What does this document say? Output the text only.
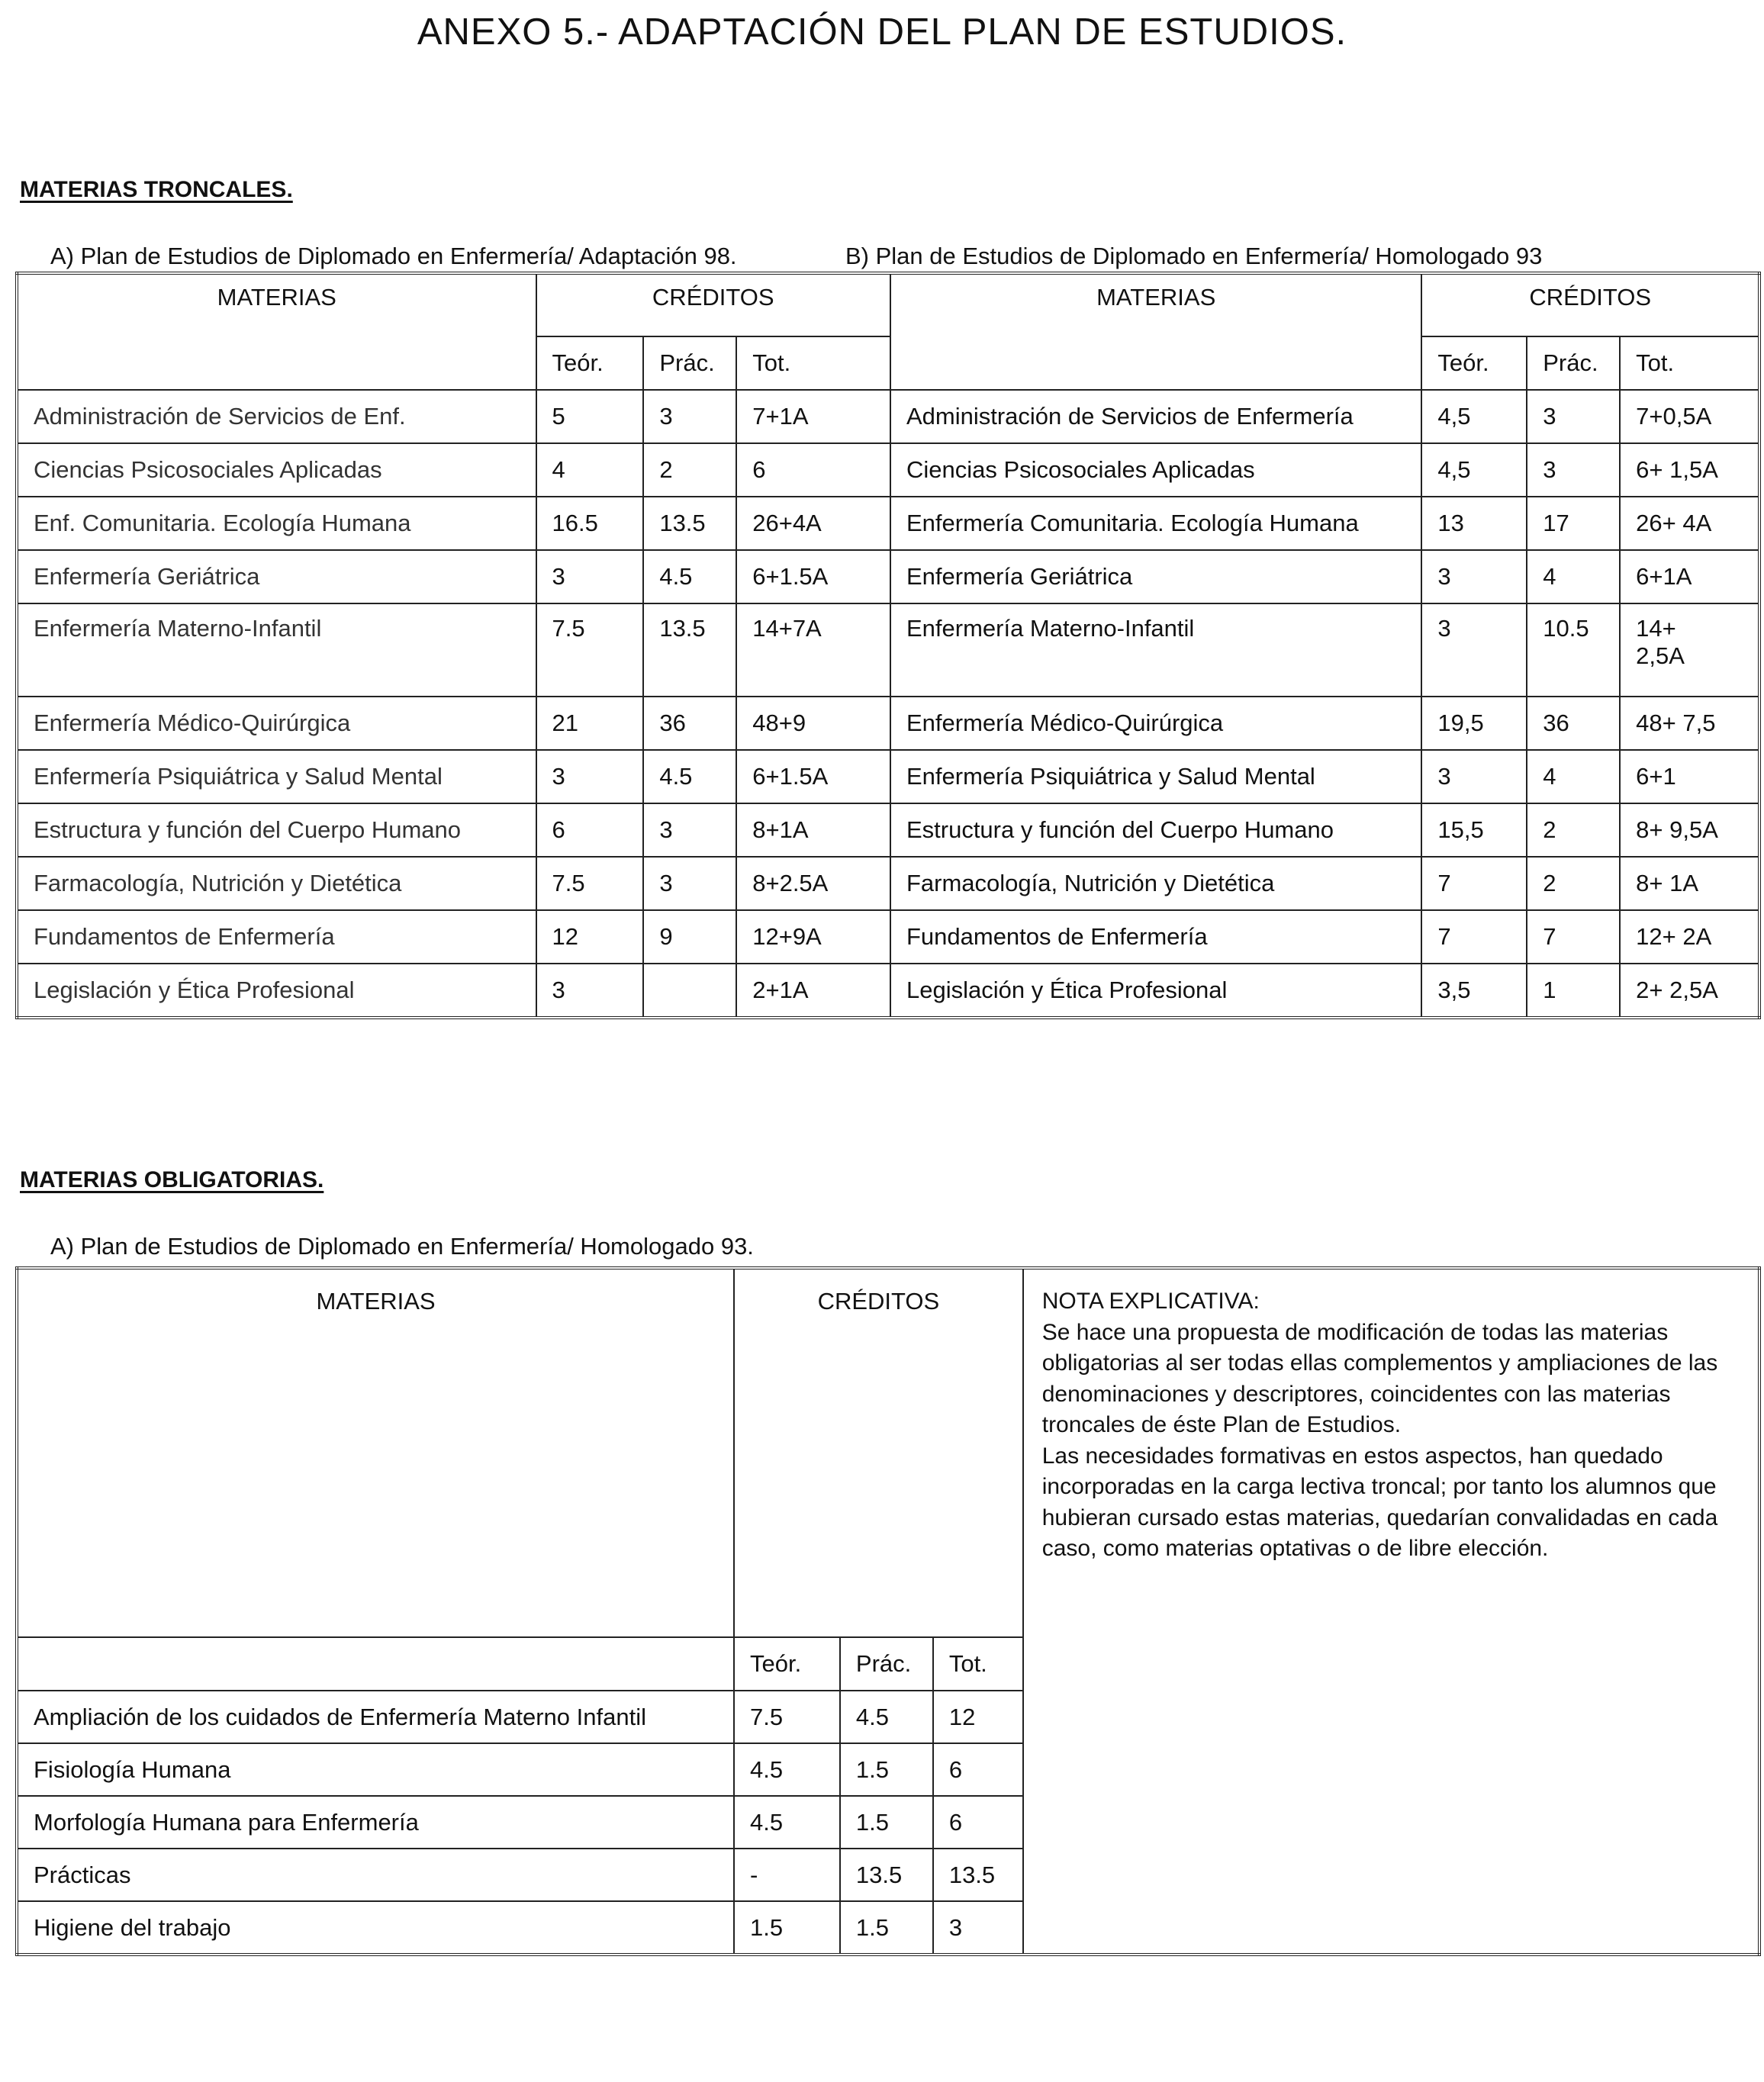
ANEXO 5.- ADAPTACIÓN DEL PLAN DE ESTUDIOS.
MATERIAS TRONCALES.
A) Plan de Estudios de Diplomado en Enfermería/ Adaptación 98.	B) Plan de Estudios de Diplomado en Enfermería/ Homologado 93
MATERIAS	CRÉDITOS			MATERIAS	CRÉDITOS		
	Teór.	Prác.	Tot.		Teór.	Prác.	Tot.
Administración de Servicios de Enf.	5	3	7+1A	Administración de Servicios de Enfermería	4,5	3	7+0,5A
Ciencias Psicosociales Aplicadas	4	2	6	Ciencias Psicosociales Aplicadas	4,5	3	6+ 1,5A
Enf. Comunitaria. Ecología Humana	16.5	13.5	26+4A	Enfermería Comunitaria. Ecología Humana	13	17	26+ 4A
Enfermería Geriátrica	3	4.5	6+1.5A	Enfermería Geriátrica	3	4	6+1A
Enfermería Materno-Infantil	7.5	13.5	14+7A	Enfermería Materno-Infantil	3	10.5	14+
2,5A
Enfermería Médico-Quirúrgica	21	36	48+9	Enfermería Médico-Quirúrgica	19,5	36	48+ 7,5
Enfermería Psiquiátrica y Salud Mental	3	4.5	6+1.5A	Enfermería Psiquiátrica y Salud Mental	3	4	6+1
Estructura y función del Cuerpo Humano	6	3	8+1A	Estructura y función del Cuerpo Humano	15,5	2	8+ 9,5A
Farmacología, Nutrición y Dietética	7.5	3	8+2.5A	Farmacología, Nutrición y Dietética	7	2	8+ 1A
Fundamentos de Enfermería	12	9	12+9A	Fundamentos de Enfermería	7	7	12+ 2A
Legislación y Ética Profesional	3		2+1A	Legislación y Ética Profesional	3,5	1	2+ 2,5A
MATERIAS OBLIGATORIAS.
A) Plan de Estudios de Diplomado en Enfermería/ Homologado 93.
MATERIAS	CRÉDITOS			NOTA EXPLICATIVA:
Se hace una propuesta de modificación de todas las materias obligatorias al ser todas ellas complementos y ampliaciones de las denominaciones y descriptores, coincidentes con las materias troncales de éste Plan de Estudios.
Las necesidades formativas en estos aspectos, han quedado incorporadas en la carga lectiva troncal; por tanto los alumnos que hubieran cursado estas materias, quedarían convalidadas en cada caso, como materias optativas o de libre elección.
	Teór.	Prác.	Tot.	
Ampliación de los cuidados de Enfermería Materno Infantil	7.5	4.5	12	
Fisiología Humana	4.5	1.5	6	
Morfología Humana para Enfermería	4.5	1.5	6	
Prácticas	-	13.5	13.5	
Higiene del trabajo	1.5	1.5	3	
